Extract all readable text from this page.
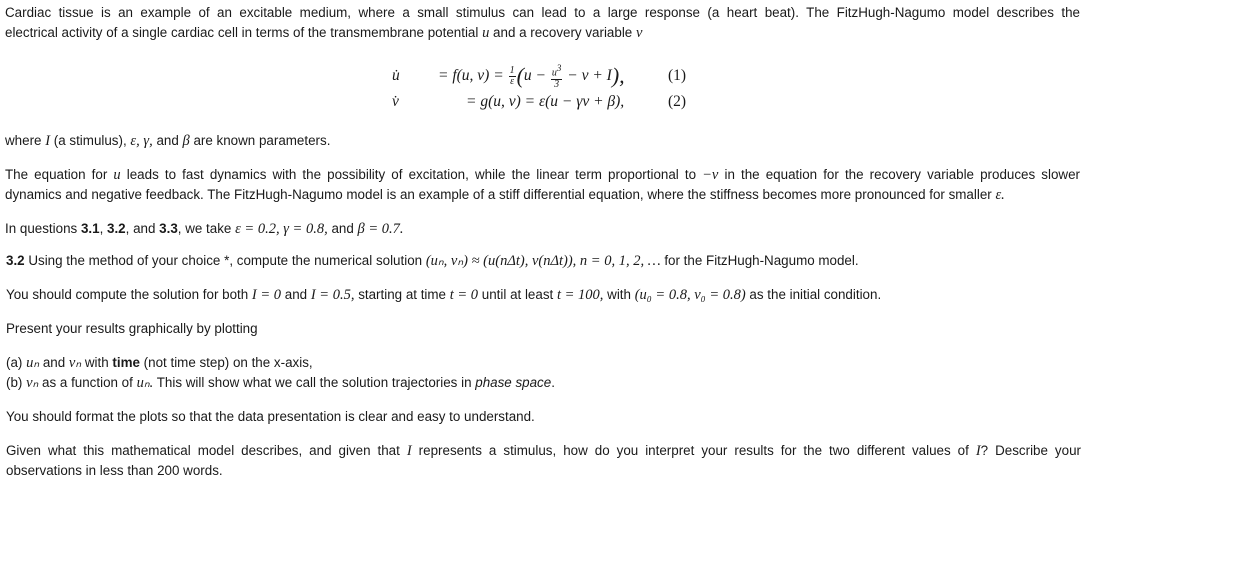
Cardiac tissue is an example of an excitable medium, where a small stimulus can lead to a large response (a heart beat). The FitzHugh-Nagumo model describes the
electrical activity of a single cardiac cell in terms of the transmembrane potential u and a recovery variable v
u̇ = f(u, $v) = \frac{1}{\varepsilon} (u - \frac{u^3}{3} - v + I)$,	(1)
v̇	= g(u, v) = ε(u − γv + β),	(2)
where I (a stimulus), ε, γ, and β are known parameters.
The equation for u leads to fast dynamics with the possibility of excitation, while the linear term proportional to −v in the equation for the recovery variable produces slower
dynamics and negative feedback. The FitzHugh-Nagumo model is an example of a stiff differential equation, where the stiffness becomes more pronounced for smaller ε.
In questions 3.1, 3.2, and 3.3, we take ε = 0.2, γ = 0.8, and β = 0.7.
3.2 Using the method of your choice *, compute the numerical solution (uₙ, vₙ) ≈ (u(nΔt), v(nΔt)), n = 0, 1, 2, … for the FitzHugh-Nagumo model.
You should compute the solution for both I = 0 and I = 0.5, starting at time t = 0 until at least t = 100, with (u₀ = 0.8, v₀ = 0.8) as the initial condition.
Present your results graphically by plotting
(a) uₙ and vₙ with time (not time step) on the x-axis,
(b) vₙ as a function of uₙ. This will show what we call the solution trajectories in phase space.
You should format the plots so that the data presentation is clear and easy to understand.
Given what this mathematical model describes, and given that I represents a stimulus, how do you interpret your results for the two different values of I? Describe your
observations in less than 200 words.
